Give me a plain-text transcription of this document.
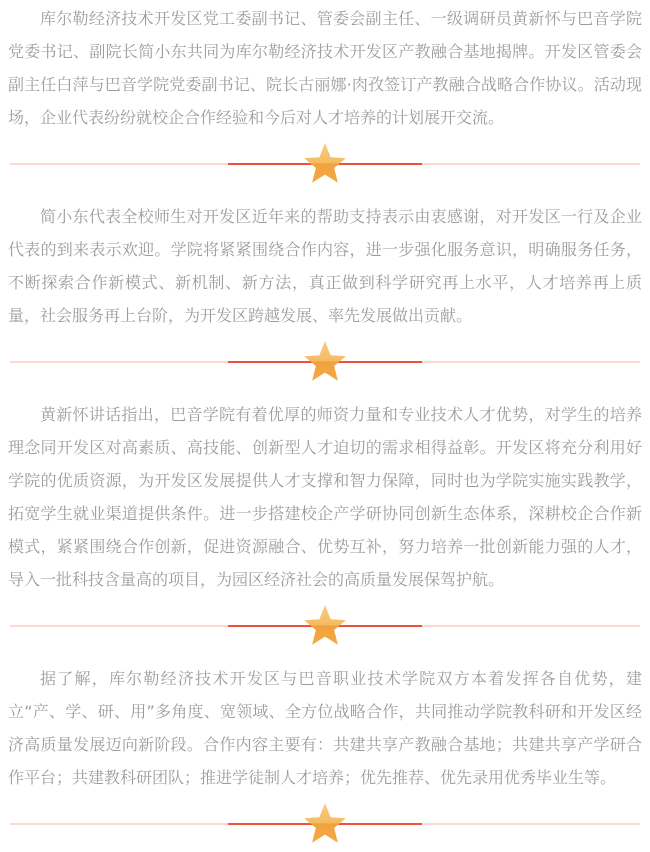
库尔勒经济技术开发区党工委副书记、管委会副主任、一级调研员黄新怀与巴音学院党委书记、副院长简小东共同为库尔勒经济技术开发区产教融合基地揭牌。开发区管委会副主任白萍与巴音学院党委副书记、院长古丽娜·肉孜签订产教融合战略合作协议。活动现场，企业代表纷纷就校企合作经验和今后对人才培养的计划展开交流。

简小东代表全校师生对开发区近年来的帮助支持表示由衷感谢，对开发区一行及企业代表的到来表示欢迎。学院将紧紧围绕合作内容，进一步强化服务意识，明确服务任务，不断探索合作新模式、新机制、新方法，真正做到科学研究再上水平，人才培养再上质量，社会服务再上台阶，为开发区跨越发展、率先发展做出贡献。

黄新怀讲话指出，巴音学院有着优厚的师资力量和专业技术人才优势，对学生的培养理念同开发区对高素质、高技能、创新型人才迫切的需求相得益彰。开发区将充分利用好学院的优质资源，为开发区发展提供人才支撑和智力保障，同时也为学院实施实践教学，拓宽学生就业渠道提供条件。进一步搭建校企产学研协同创新生态体系，深耕校企合作新模式，紧紧围绕合作创新，促进资源融合、优势互补，努力培养一批创新能力强的人才，导入一批科技含量高的项目，为园区经济社会的高质量发展保驾护航。

据了解，库尔勒经济技术开发区与巴音职业技术学院双方本着发挥各自优势，建立“产、学、研、用”多角度、宽领域、全方位战略合作，共同推动学院教科研和开发区经济高质量发展迈向新阶段。合作内容主要有：共建共享产教融合基地；共建共享产学研合作平台；共建教科研团队；推进学徒制人才培养；优先推荐、优先录用优秀毕业生等。
